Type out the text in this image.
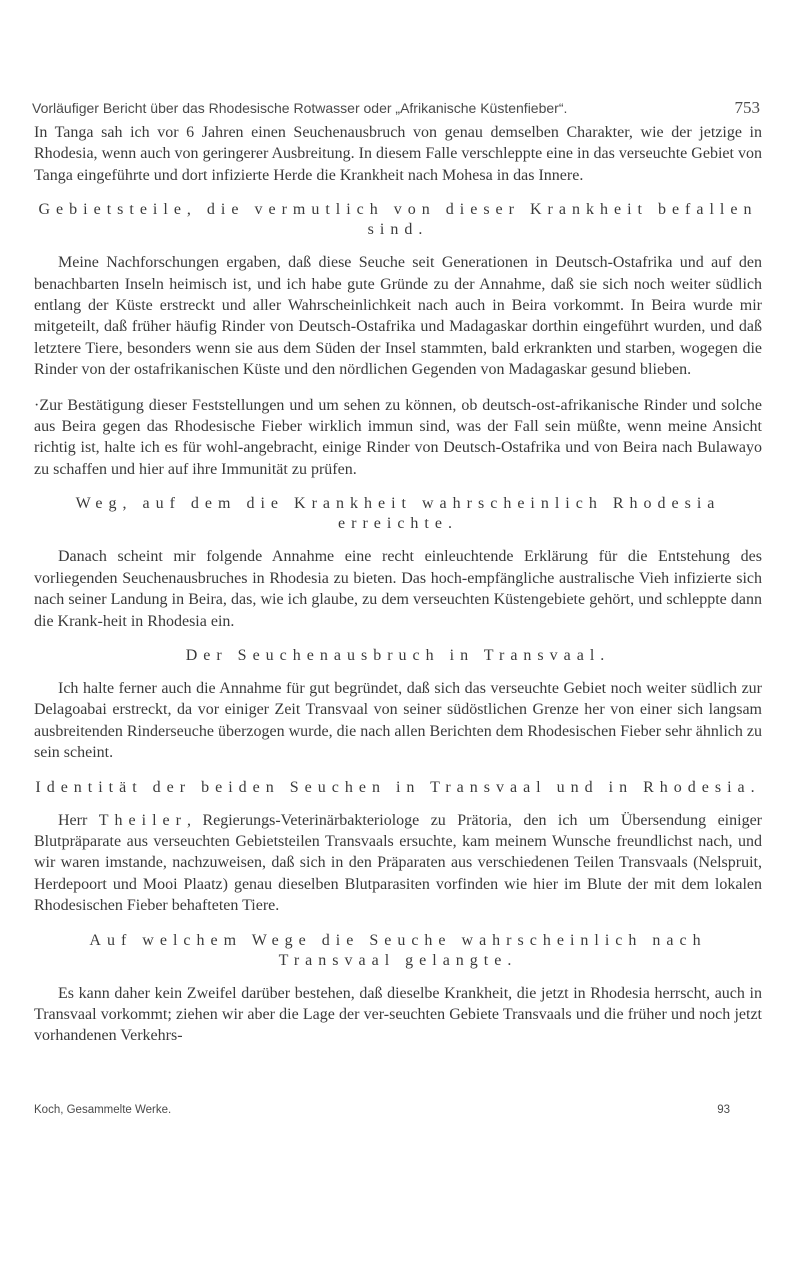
Vorläufiger Bericht über das Rhodesische Rotwasser oder „Afrikanische Küstenfieber“.	753

In Tanga sah ich vor 6 Jahren einen Seuchenausbruch von genau demselben Charakter, wie der jetzige in Rhodesia, wenn auch von geringerer Ausbreitung. In diesem Falle verschleppte eine in das verseuchte Gebiet von Tanga eingeführte und dort infizierte Herde die Krankheit nach Mohesa in das Innere.

Gebietsteile, die vermutlich von dieser Krankheit befallen sind.

Meine Nachforschungen ergaben, daß diese Seuche seit Generationen in Deutsch-Ostafrika und auf den benachbarten Inseln heimisch ist, und ich habe gute Gründe zu der Annahme, daß sie sich noch weiter südlich entlang der Küste erstreckt und aller Wahrscheinlichkeit nach auch in Beira vorkommt. In Beira wurde mir mitgeteilt, daß früher häufig Rinder von Deutsch-Ostafrika und Madagaskar dorthin eingeführt wurden, und daß letztere Tiere, besonders wenn sie aus dem Süden der Insel stammten, bald erkrankten und starben, wogegen die Rinder von der ostafrikanischen Küste und den nördlichen Gegenden von Madagaskar gesund blieben.

·Zur Bestätigung dieser Feststellungen und um sehen zu können, ob deutsch-ost-afrikanische Rinder und solche aus Beira gegen das Rhodesische Fieber wirklich immun sind, was der Fall sein müßte, wenn meine Ansicht richtig ist, halte ich es für wohl-angebracht, einige Rinder von Deutsch-Ostafrika und von Beira nach Bulawayo zu schaffen und hier auf ihre Immunität zu prüfen.

Weg, auf dem die Krankheit wahrscheinlich Rhodesia erreichte.

Danach scheint mir folgende Annahme eine recht einleuchtende Erklärung für die Entstehung des vorliegenden Seuchenausbruches in Rhodesia zu bieten. Das hoch-empfängliche australische Vieh infizierte sich nach seiner Landung in Beira, das, wie ich glaube, zu dem verseuchten Küstengebiete gehört, und schleppte dann die Krank-heit in Rhodesia ein.

Der Seuchenausbruch in Transvaal.

Ich halte ferner auch die Annahme für gut begründet, daß sich das verseuchte Gebiet noch weiter südlich zur Delagoabai erstreckt, da vor einiger Zeit Transvaal von seiner südöstlichen Grenze her von einer sich langsam ausbreitenden Rinderseuche überzogen wurde, die nach allen Berichten dem Rhodesischen Fieber sehr ähnlich zu sein scheint.

Identität der beiden Seuchen in Transvaal und in Rhodesia.

Herr Theiler, Regierungs-Veterinärbakteriologe zu Prätoria, den ich um Übersendung einiger Blutpräparate aus verseuchten Gebietsteilen Transvaals ersuchte, kam meinem Wunsche freundlichst nach, und wir waren imstande, nachzuweisen, daß sich in den Präparaten aus verschiedenen Teilen Transvaals (Nelspruit, Herdepoort und Mooi Plaatz) genau dieselben Blutparasiten vorfinden wie hier im Blute der mit dem lokalen Rhodesischen Fieber behafteten Tiere.

Auf welchem Wege die Seuche wahrscheinlich nach Transvaal gelangte.

Es kann daher kein Zweifel darüber bestehen, daß dieselbe Krankheit, die jetzt in Rhodesia herrscht, auch in Transvaal vorkommt; ziehen wir aber die Lage der ver-seuchten Gebiete Transvaals und die früher und noch jetzt vorhandenen Verkehrs-

Koch, Gesammelte Werke.	93
